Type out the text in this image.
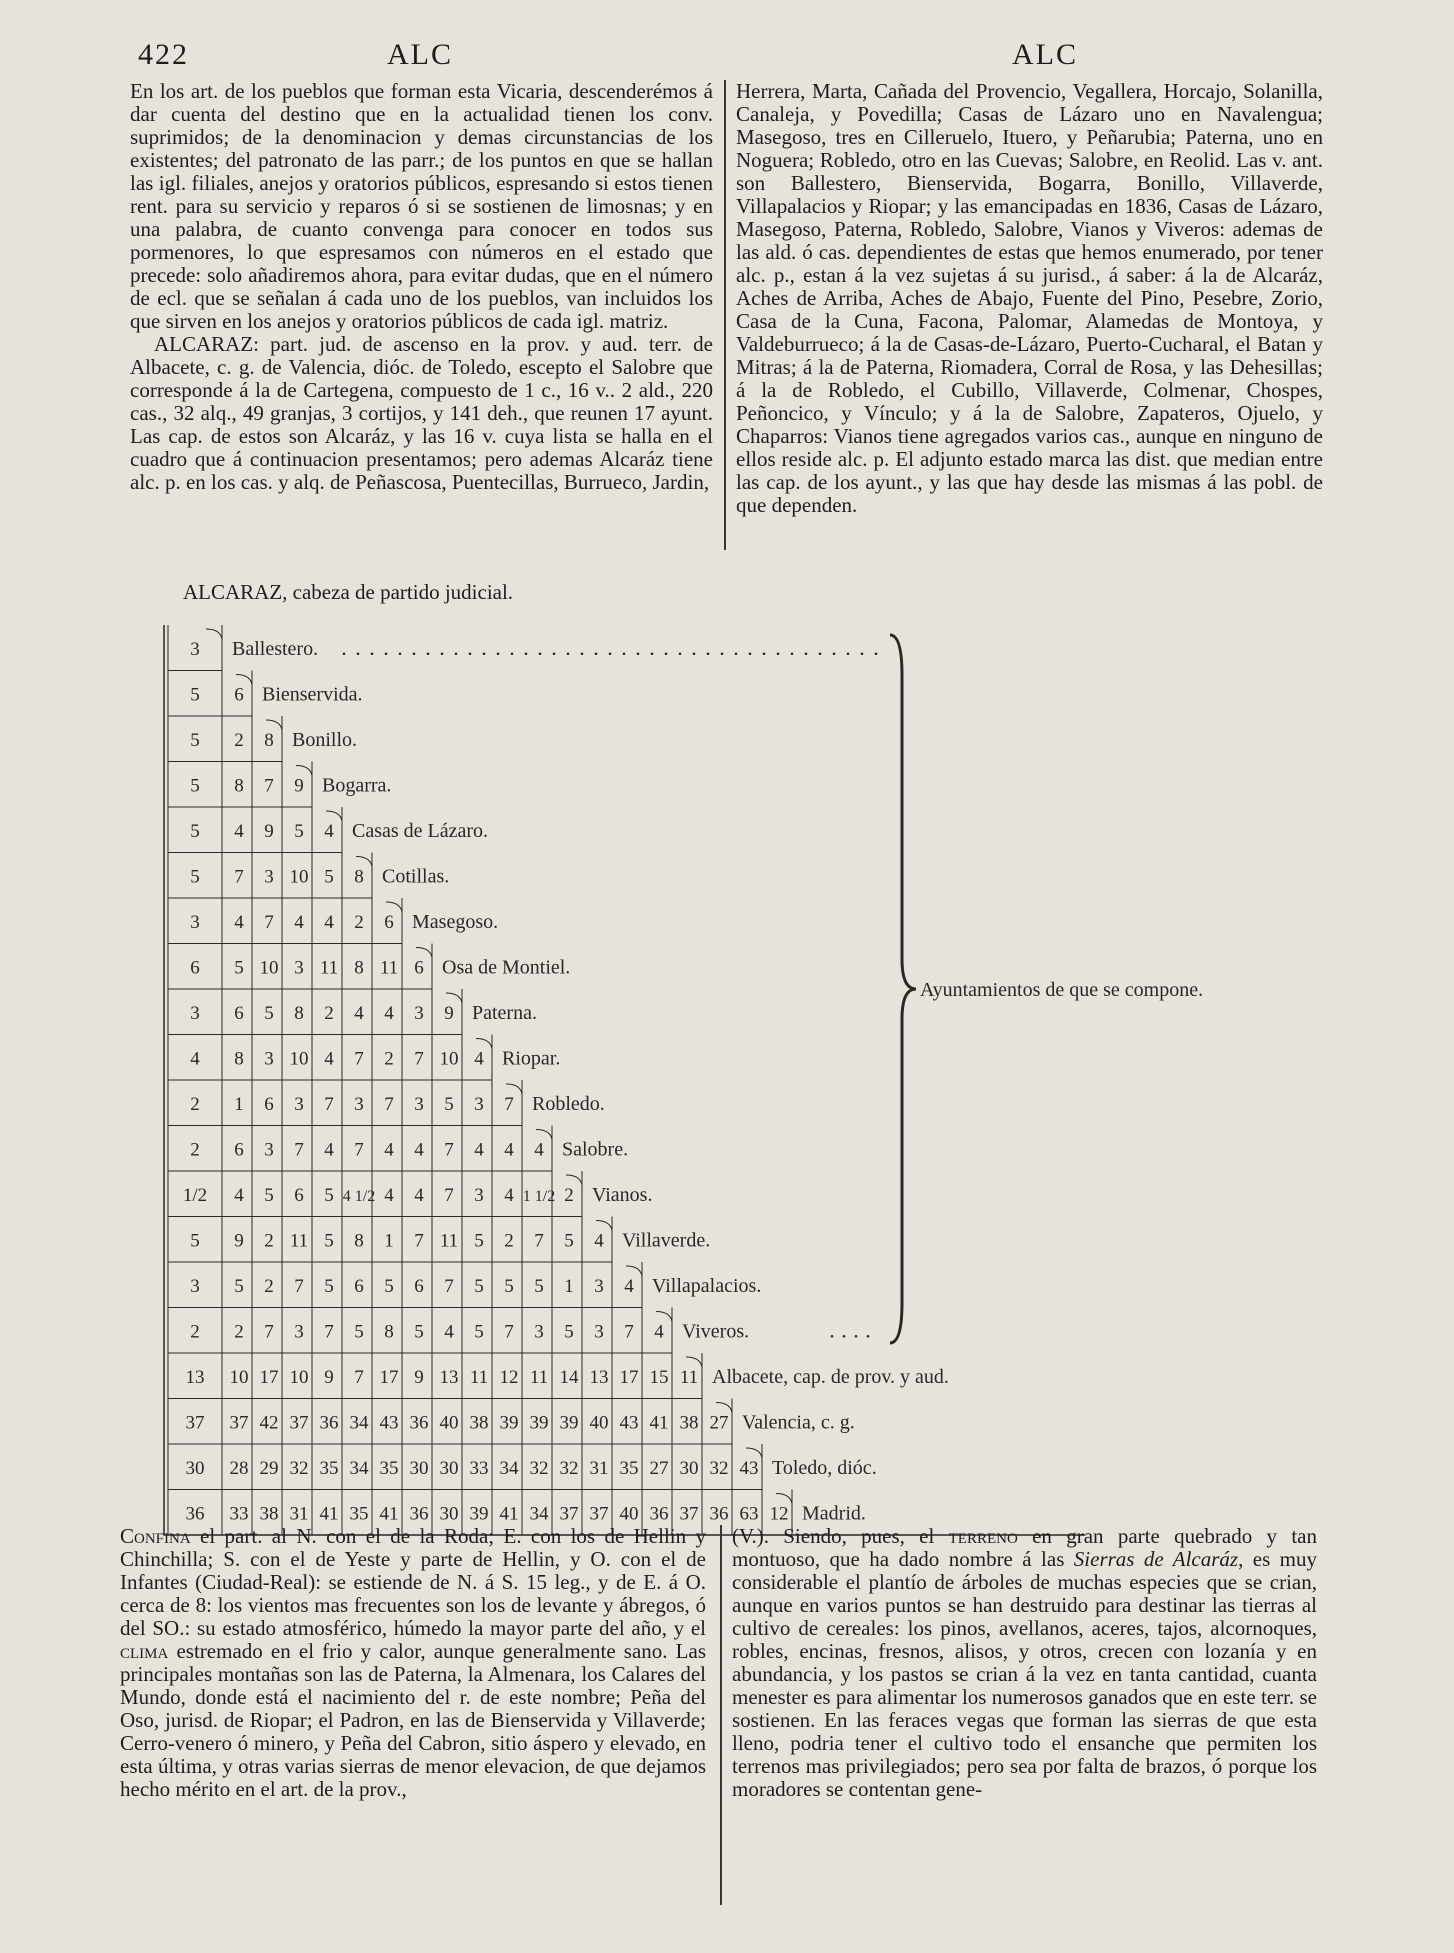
422	ALC	ALC

En los art. de los pueblos que forman esta Vicaria, descenderémos á dar cuenta del destino que en la actualidad tienen los conv. suprimidos; de la denominacion y demas circunstancias de los existentes; del patronato de las parr.; de los puntos en que se hallan las igl. filiales, anejos y oratorios públicos, espresando si estos tienen rent. para su servicio y reparos ó si se sostienen de limosnas; y en una palabra, de cuanto convenga para conocer en todos sus pormenores, lo que espresamos con números en el estado que precede: solo añadiremos ahora, para evitar dudas, que en el número de ecl. que se señalan á cada uno de los pueblos, van incluidos los que sirven en los anejos y oratorios públicos de cada igl. matriz.

ALCARAZ: part. jud. de ascenso en la prov. y aud. terr. de Albacete, c. g. de Valencia, dióc. de Toledo, escepto el Salobre que corresponde á la de Cartegena, compuesto de 1 c., 16 v.. 2 ald., 220 cas., 32 alq., 49 granjas, 3 cortijos, y 141 deh., que reunen 17 ayunt. Las cap. de estos son Alcaráz, y las 16 v. cuya lista se halla en el cuadro que á continuacion presentamos; pero ademas Alcaráz tiene alc. p. en los cas. y alq. de Peñascosa, Puentecillas, Burrueco, Jardin,

Herrera, Marta, Cañada del Provencio, Vegallera, Horcajo, Solanilla, Canaleja, y Povedilla; Casas de Lázaro uno en Navalengua; Masegoso, tres en Cilleruelo, Ituero, y Peñarubia; Paterna, uno en Noguera; Robledo, otro en las Cuevas; Salobre, en Reolid. Las v. ant. son Ballestero, Bienservida, Bogarra, Bonillo, Villaverde, Villapalacios y Riopar; y las emancipadas en 1836, Casas de Lázaro, Masegoso, Paterna, Robledo, Salobre, Vianos y Viveros: ademas de las ald. ó cas. dependientes de estas que hemos enumerado, por tener alc. p., estan á la vez sujetas á su jurisd., á saber: á la de Alcaráz, Aches de Arriba, Aches de Abajo, Fuente del Pino, Pesebre, Zorio, Casa de la Cuna, Facona, Palomar, Alamedas de Montoya, y Valdeburrueco; á la de Casas-de-Lázaro, Puerto-Cucharal, el Batan y Mitras; á la de Paterna, Riomadera, Corral de Rosa, y las Dehesillas; á la de Robledo, el Cubillo, Villaverde, Colmenar, Chospes, Peñoncico, y Vínculo; y á la de Salobre, Zapateros, Ojuelo, y Chaparros: Vianos tiene agregados varios cas., aunque en ninguno de ellos reside alc. p. El adjunto estado marca las dist. que median entre las cap. de los ayunt., y las que hay desde las mismas á las pobl. de que dependen.

ALCARAZ, cabeza de partido judicial.
3 Ballestero.
5 6 Bienservida.
5 2 8 Bonillo.
5 8 7 9 Bogarra.
5 4 9 5 4 Casas de Lázaro.
5 7 3 10 5 8 Cotillas.
3 4 7 4 4 2 6 Masegoso.
6 5 10 3 11 8 11 6 Osa de Montiel.
3 6 5 8 2 4 4 3 9 Paterna.
4 8 3 10 4 7 2 7 10 4 Riopar.
2 1 6 3 7 3 7 3 5 3 7 Robledo.
2 6 3 7 4 7 4 4 7 4 4 4 Salobre.
1/2 4 5 6 5 4 1/2 4 4 7 3 4 1 1/2 2 Vianos.
5 9 2 11 5 8 1 7 11 5 2 7 5 4 Villaverde.
3 5 2 7 5 6 5 6 7 5 5 5 1 3 4 Villapalacios.
2 2 7 3 7 5 8 5 4 5 7 3 5 3 7 4 Viveros.
13 10 17 10 9 7 17 9 13 11 12 11 14 13 17 15 11 Albacete, cap. de prov. y aud.
37 37 42 37 36 34 43 36 40 38 39 39 39 40 43 41 38 27 Valencia, c. g.
30 28 29 32 35 34 35 30 30 33 34 32 32 31 35 27 30 32 43 Toledo, dióc.
36 33 38 31 41 35 41 36 30 39 41 34 37 37 40 36 37 36 63 12 Madrid.
Ayuntamientos de que se compone.

Confina el part. al N. con el de la Roda; E. con los de Hellin y Chinchilla; S. con el de Yeste y parte de Hellin, y O. con el de Infantes (Ciudad-Real): se estiende de N. á S. 15 leg., y de E. á O. cerca de 8: los vientos mas frecuentes son los de levante y ábregos, ó del SO.: su estado atmosférico, húmedo la mayor parte del año, y el clima estremado en el frio y calor, aunque generalmente sano. Las principales montañas son las de Paterna, la Almenara, los Calares del Mundo, donde está el nacimiento del r. de este nombre; Peña del Oso, jurisd. de Riopar; el Padron, en las de Bienservida y Villaverde; Cerro-venero ó minero, y Peña del Cabron, sitio áspero y elevado, en esta última, y otras varias sierras de menor elevacion, de que dejamos hecho mérito en el art. de la prov.,

(V.). Siendo, pues, el terreno en gran parte quebrado y tan montuoso, que ha dado nombre á las Sierras de Alcaráz, es muy considerable el plantío de árboles de muchas especies que se crian, aunque en varios puntos se han destruido para destinar las tierras al cultivo de cereales: los pinos, avellanos, aceres, tajos, alcornoques, robles, encinas, fresnos, alisos, y otros, crecen con lozanía y en abundancia, y los pastos se crian á la vez en tanta cantidad, cuanta menester es para alimentar los numerosos ganados que en este terr. se sostienen. En las feraces vegas que forman las sierras de que esta lleno, podria tener el cultivo todo el ensanche que permiten los terrenos mas privilegiados; pero sea por falta de brazos, ó porque los moradores se contentan gene-
